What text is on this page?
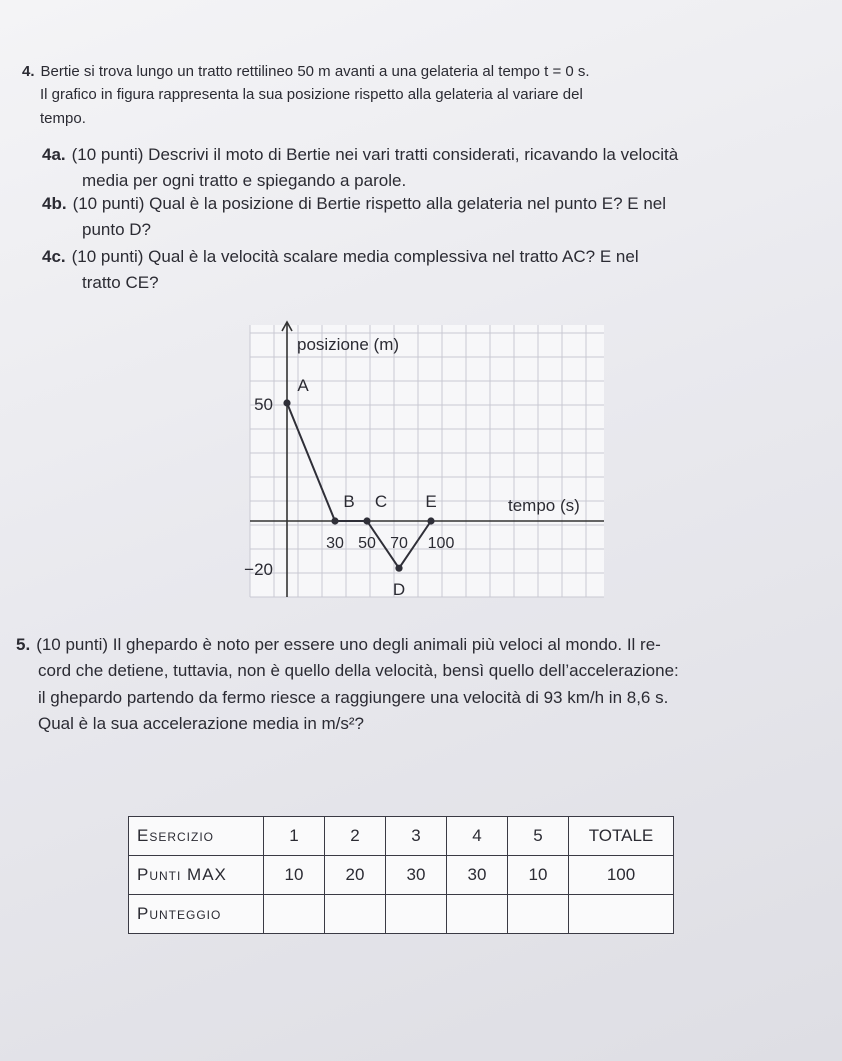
4. Bertie si trova lungo un tratto rettilineo 50 m avanti a una gelateria al tempo t = 0 s.
Il grafico in figura rappresenta la sua posizione rispetto alla gelateria al variare del
tempo.
4a. (10 punti) Descrivi il moto di Bertie nei vari tratti considerati, ricavando la velocità
media per ogni tratto e spiegando a parole.
4b. (10 punti) Qual è la posizione di Bertie rispetto alla gelateria nel punto E? E nel
punto D?
4c. (10 punti) Qual è la velocità scalare media complessiva nel tratto AC? E nel
tratto CE?
posizione (m)
tempo (s)
50
−20
30 50 70 100
A
B C
D
E
5. (10 punti) Il ghepardo è noto per essere uno degli animali più veloci al mondo. Il re-
cord che detiene, tuttavia, non è quello della velocità, bensì quello dell’accelerazione:
il ghepardo partendo da fermo riesce a raggiungere una velocità di 93 km/h in 8,6 s.
Qual è la sua accelerazione media in m/s²?
Esercizio	1	2	3	4	5	TOTALE
Punti MAX	10	20	30	30	10	100
Punteggio						
